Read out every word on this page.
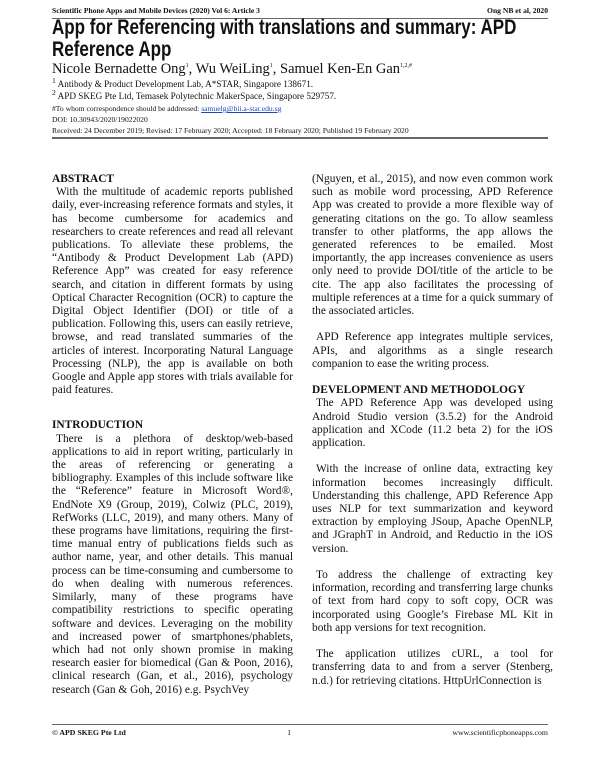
Scientific Phone Apps and Mobile Devices (2020) Vol 6: Article 3	Ong NB et al, 2020
App for Referencing with translations and summary: APD Reference App
Nicole Bernadette Ong$^1$, Wu WeiLing$^1$, Samuel Ken-En Gan$^{1,2,\#}$
$^1$ Antibody & Product Development Lab, A*STAR, Singapore 138671.
$^2$ APD SKEG Pte Ltd, Temasek Polytechnic MakerSpace, Singapore 529757.
#To whom correspondence should be addressed: samuelg@bii.a-star.edu.sg
DOI: 10.30943/2020/19022020
Received: 24 December 2019; Revised: 17 February 2020; Accepted: 18 February 2020; Published 19 February 2020
ABSTRACT

With the multitude of academic reports published daily, ever-increasing reference formats and styles, it has become cumbersome for academics and researchers to create references and read all relevant publications. To alleviate these problems, the “Antibody & Product Development Lab (APD) Reference App” was created for easy reference search, and citation in different formats by using Optical Character Recognition (OCR) to capture the Digital Object Identifier (DOI) or title of a publication. Following this, users can easily retrieve, browse, and read translated summaries of the articles of interest. Incorporating Natural Language Processing (NLP), the app is available on both Google and Apple app stores with trials available for paid features.

INTRODUCTION

There is a plethora of desktop/web-based applications to aid in report writing, particularly in the areas of referencing or generating a bibliography. Examples of this include software like the “Reference” feature in Microsoft Word®, EndNote X9 (Group, 2019), Colwiz (PLC, 2019), RefWorks (LLC, 2019), and many others. Many of these programs have limitations, requiring the first-time manual entry of publications fields such as author name, year, and other details. This manual process can be time-consuming and cumbersome to do when dealing with numerous references. Similarly, many of these programs have compatibility restrictions to specific operating software and devices. Leveraging on the mobility and increased power of smartphones/phablets, which had not only shown promise in making research easier for biomedical (Gan & Poon, 2016), clinical research (Gan, et al., 2016), psychology research (Gan & Goh, 2016) e.g. PsychVey

(Nguyen, et al., 2015), and now even common work such as mobile word processing, APD Reference App was created to provide a more flexible way of generating citations on the go. To allow seamless transfer to other platforms, the app allows the generated references to be emailed. Most importantly, the app increases convenience as users only need to provide DOI/title of the article to be cite. The app also facilitates the processing of multiple references at a time for a quick summary of the associated articles.

APD Reference app integrates multiple services, APIs, and algorithms as a single research companion to ease the writing process.

DEVELOPMENT AND METHODOLOGY

The APD Reference App was developed using Android Studio version (3.5.2) for the Android application and XCode (11.2 beta 2) for the iOS application.

With the increase of online data, extracting key information becomes increasingly difficult. Understanding this challenge, APD Reference App uses NLP for text summarization and keyword extraction by employing JSoup, Apache OpenNLP, and JGraphT in Android, and Reductio in the iOS version.

To address the challenge of extracting key information, recording and transferring large chunks of text from hard copy to soft copy, OCR was incorporated using Google’s Firebase ML Kit in both app versions for text recognition.

The application utilizes cURL, a tool for transferring data to and from a server (Stenberg, n.d.) for retrieving citations. HttpUrlConnection is

© APD SKEG Pte Ltd	1	www.scientificphoneapps.com
